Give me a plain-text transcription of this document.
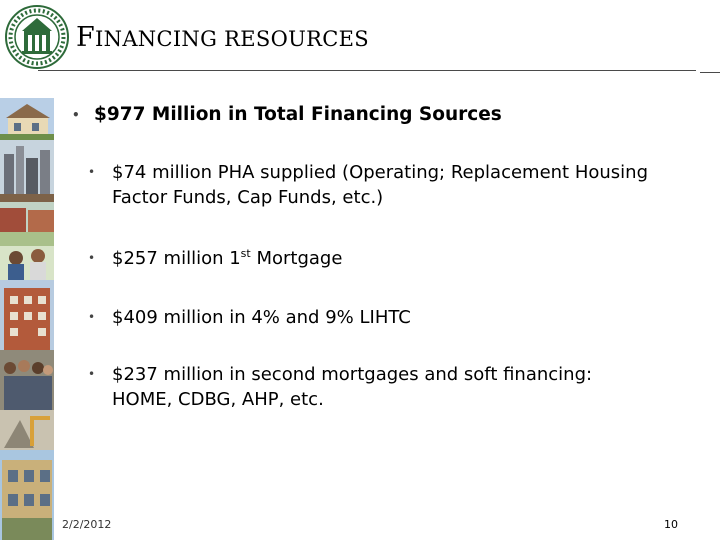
FINANCING RESOURCES
• $977 Million in Total Financing Sources
• $74 million PHA supplied (Operating; Replacement Housing
Factor Funds, Cap Funds, etc.)
• $257 million 1st Mortgage
• $409 million in 4% and 9% LIHTC
• $237 million in second mortgages and soft financing:
HOME, CDBG, AHP, etc.
2/2/2012	10
